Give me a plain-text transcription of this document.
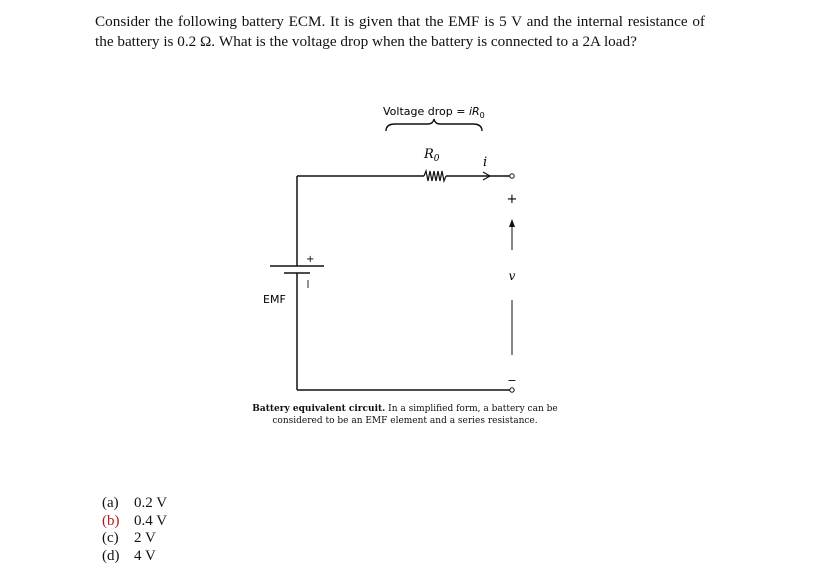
Consider the following battery ECM. It is given that the EMF is 5 V and the internal resistance of the battery is 0.2 Ω. What is the voltage drop when the battery is connected to a 2A load?

Voltage drop = $iR_0$
$R_0$	i
+
EMF
+
v
−

Battery equivalent circuit. In a simplified form, a battery can be considered to be an EMF element and a series resistance.

(a)	0.2 V
(b) 0.4 V
(c)	2 V
(d) 4 V
